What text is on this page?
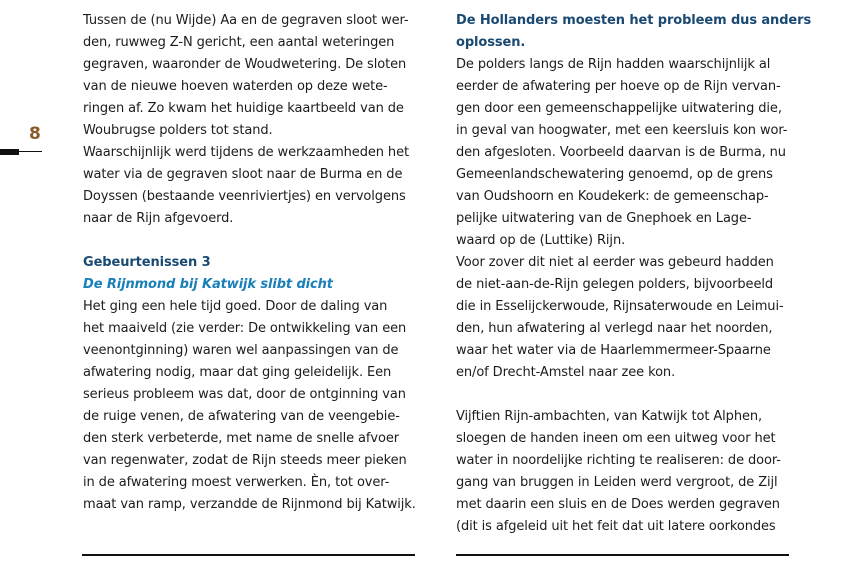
8
Tussen de (nu Wijde) Aa en de gegraven sloot wer-
den, ruwweg Z-N gericht, een aantal weteringen
gegraven, waaronder de Woudwetering. De sloten
van de nieuwe hoeven waterden op deze wete-
ringen af. Zo kwam het huidige kaartbeeld van de
Woubrugse polders tot stand.
Waarschijnlijk werd tijdens de werkzaamheden het
water via de gegraven sloot naar de Burma en de
Doyssen (bestaande veenriviertjes) en vervolgens
naar de Rijn afgevoerd.
Gebeurtenissen 3
De Rijnmond bij Katwijk slibt dicht
Het ging een hele tijd goed. Door de daling van
het maaiveld (zie verder: De ontwikkeling van een
veenontginning) waren wel aanpassingen van de
afwatering nodig, maar dat ging geleidelijk. Een
serieus probleem was dat, door de ontginning van
de ruige venen, de afwatering van de veengebie-
den sterk verbeterde, met name de snelle afvoer
van regenwater, zodat de Rijn steeds meer pieken
in de afwatering moest verwerken. Èn, tot over-
maat van ramp, verzandde de Rijnmond bij Katwijk.
De Hollanders moesten het probleem dus anders
oplossen.
De polders langs de Rijn hadden waarschijnlijk al
eerder de afwatering per hoeve op de Rijn vervan-
gen door een gemeenschappelijke uitwatering die,
in geval van hoogwater, met een keersluis kon wor-
den afgesloten. Voorbeeld daarvan is de Burma, nu
Gemeenlandschewatering genoemd, op de grens
van Oudshoorn en Koudekerk: de gemeenschap-
pelijke uitwatering van de Gnephoek en Lage-
waard op de (Luttike) Rijn.
Voor zover dit niet al eerder was gebeurd hadden
de niet-aan-de-Rijn gelegen polders, bijvoorbeeld
die in Esselijckerwoude, Rijnsaterwoude en Leimui-
den, hun afwatering al verlegd naar het noorden,
waar het water via de Haarlemmermeer-Spaarne
en/of Drecht-Amstel naar zee kon.
Vijftien Rijn-ambachten, van Katwijk tot Alphen,
sloegen de handen ineen om een uitweg voor het
water in noordelijke richting te realiseren: de door-
gang van bruggen in Leiden werd vergroot, de Zijl
met daarin een sluis en de Does werden gegraven
(dit is afgeleid uit het feit dat uit latere oorkondes
